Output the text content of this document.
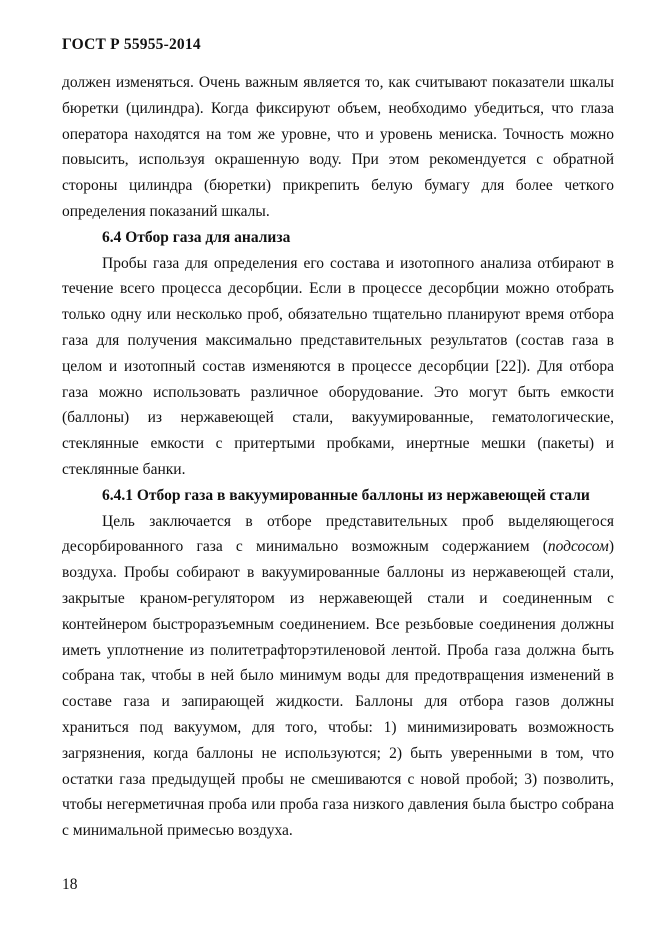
ГОСТ Р 55955-2014

должен изменяться. Очень важным является то, как считывают показатели шкалы бюретки (цилиндра). Когда фиксируют объем, необходимо убедиться, что глаза оператора находятся на том же уровне, что и уровень мениска. Точность можно повысить, используя окрашенную воду. При этом рекомендуется с обратной стороны цилиндра (бюретки) прикрепить белую бумагу для более четкого определения показаний шкалы.

6.4 Отбор газа для анализа

Пробы газа для определения его состава и изотопного анализа отбирают в течение всего процесса десорбции. Если в процессе десорбции можно отобрать только одну или несколько проб, обязательно тщательно планируют время отбора газа для получения максимально представительных результатов (состав газа в целом и изотопный состав изменяются в процессе десорбции [22]). Для отбора газа можно использовать различное оборудование. Это могут быть емкости (баллоны) из нержавеющей стали, вакуумированные, гематологические, стеклянные емкости с притертыми пробками, инертные мешки (пакеты) и стеклянные банки.

6.4.1 Отбор газа в вакуумированные баллоны из нержавеющей стали

Цель заключается в отборе представительных проб выделяющегося десорбированного газа с минимально возможным содержанием (подсосом) воздуха. Пробы собирают в вакуумированные баллоны из нержавеющей стали, закрытые краном-регулятором из нержавеющей стали и соединенным с контейнером быстроразъемным соединением. Все резьбовые соединения должны иметь уплотнение из политетрафторэтиленовой лентой. Проба газа должна быть собрана так, чтобы в ней было минимум воды для предотвращения изменений в составе газа и запирающей жидкости. Баллоны для отбора газов должны храниться под вакуумом, для того, чтобы: 1) минимизировать возможность загрязнения, когда баллоны не используются; 2) быть уверенными в том, что остатки газа предыдущей пробы не смешиваются с новой пробой; 3) позволить, чтобы негерметичная проба или проба газа низкого давления была быстро собрана с минимальной примесью воздуха.

18
